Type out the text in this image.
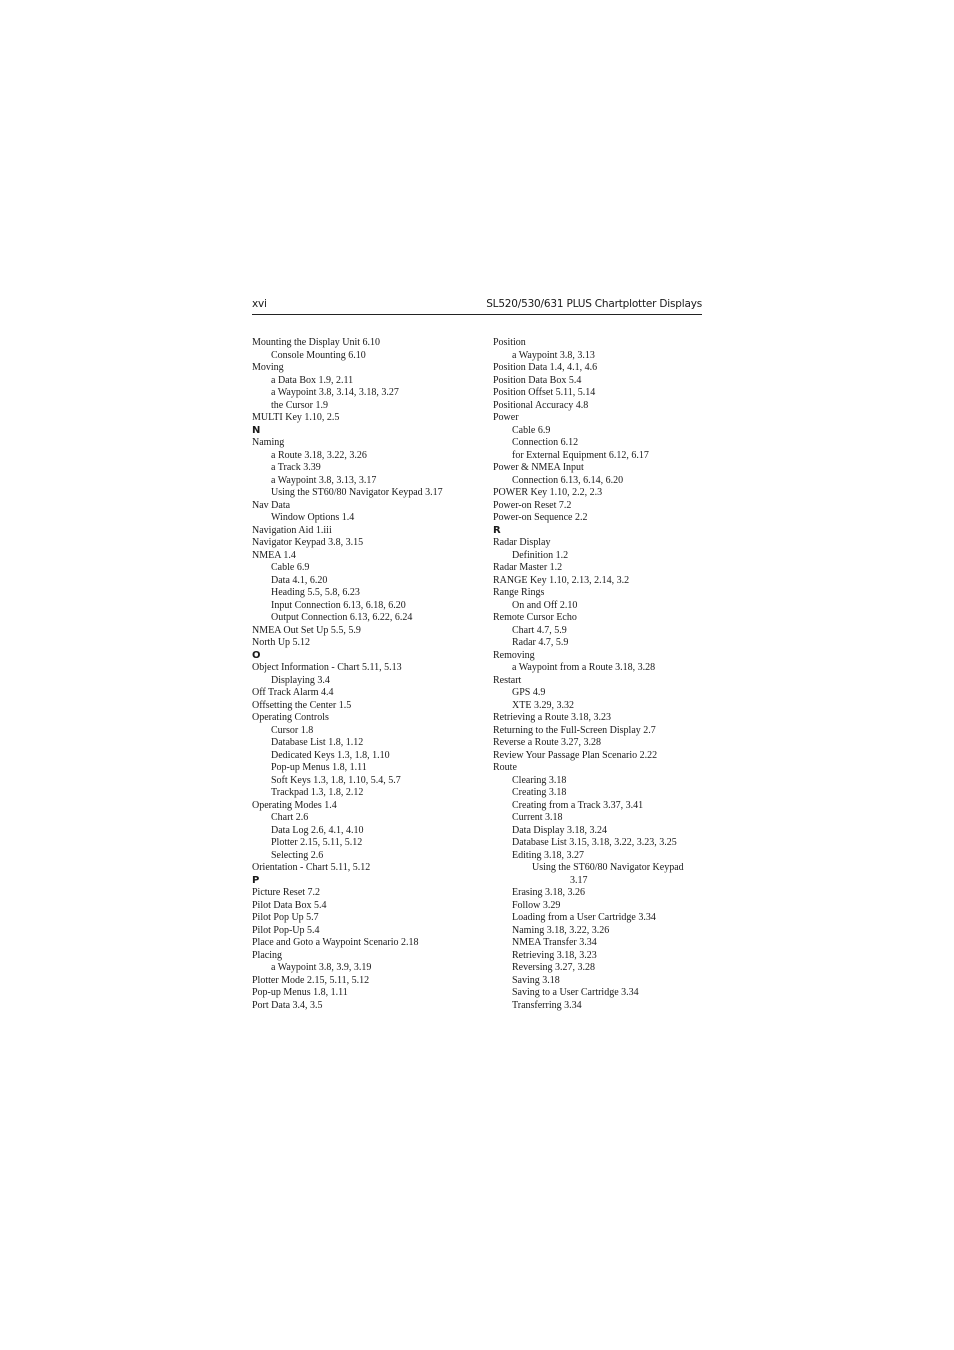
xvi	SL520/530/631 PLUS Chartplotter Displays
Mounting the Display Unit 6.10
Console Mounting 6.10
Moving
a Data Box 1.9, 2.11
a Waypoint 3.8, 3.14, 3.18, 3.27
the Cursor 1.9
MULTI Key 1.10, 2.5
N
Naming
a Route 3.18, 3.22, 3.26
a Track 3.39
a Waypoint 3.8, 3.13, 3.17
Using the ST60/80 Navigator Keypad 3.17
Nav Data
Window Options 1.4
Navigation Aid 1.iii
Navigator Keypad 3.8, 3.15
NMEA 1.4
Cable 6.9
Data 4.1, 6.20
Heading 5.5, 5.8, 6.23
Input Connection 6.13, 6.18, 6.20
Output Connection 6.13, 6.22, 6.24
NMEA Out Set Up 5.5, 5.9
North Up 5.12
O
Object Information - Chart 5.11, 5.13
Displaying 3.4
Off Track Alarm 4.4
Offsetting the Center 1.5
Operating Controls
Cursor 1.8
Database List 1.8, 1.12
Dedicated Keys 1.3, 1.8, 1.10
Pop-up Menus 1.8, 1.11
Soft Keys 1.3, 1.8, 1.10, 5.4, 5.7
Trackpad 1.3, 1.8, 2.12
Operating Modes 1.4
Chart 2.6
Data Log 2.6, 4.1, 4.10
Plotter 2.15, 5.11, 5.12
Selecting 2.6
Orientation - Chart 5.11, 5.12
P
Picture Reset 7.2
Pilot Data Box 5.4
Pilot Pop Up 5.7
Pilot Pop-Up 5.4
Place and Goto a Waypoint Scenario 2.18
Placing
a Waypoint 3.8, 3.9, 3.19
Plotter Mode 2.15, 5.11, 5.12
Pop-up Menus 1.8, 1.11
Port Data 3.4, 3.5
Position
a Waypoint 3.8, 3.13
Position Data 1.4, 4.1, 4.6
Position Data Box 5.4
Position Offset 5.11, 5.14
Positional Accuracy 4.8
Power
Cable 6.9
Connection 6.12
for External Equipment 6.12, 6.17
Power & NMEA Input
Connection 6.13, 6.14, 6.20
POWER Key 1.10, 2.2, 2.3
Power-on Reset 7.2
Power-on Sequence 2.2
R
Radar Display
Definition 1.2
Radar Master 1.2
RANGE Key 1.10, 2.13, 2.14, 3.2
Range Rings
On and Off 2.10
Remote Cursor Echo
Chart 4.7, 5.9
Radar 4.7, 5.9
Removing
a Waypoint from a Route 3.18, 3.28
Restart
GPS 4.9
XTE 3.29, 3.32
Retrieving a Route 3.18, 3.23
Returning to the Full-Screen Display 2.7
Reverse a Route 3.27, 3.28
Review Your Passage Plan Scenario 2.22
Route
Clearing 3.18
Creating 3.18
Creating from a Track 3.37, 3.41
Current 3.18
Data Display 3.18, 3.24
Database List 3.15, 3.18, 3.22, 3.23, 3.25
Editing 3.18, 3.27
Using the ST60/80 Navigator Keypad
3.17
Erasing 3.18, 3.26
Follow 3.29
Loading from a User Cartridge 3.34
Naming 3.18, 3.22, 3.26
NMEA Transfer 3.34
Retrieving 3.18, 3.23
Reversing 3.27, 3.28
Saving 3.18
Saving to a User Cartridge 3.34
Transferring 3.34
